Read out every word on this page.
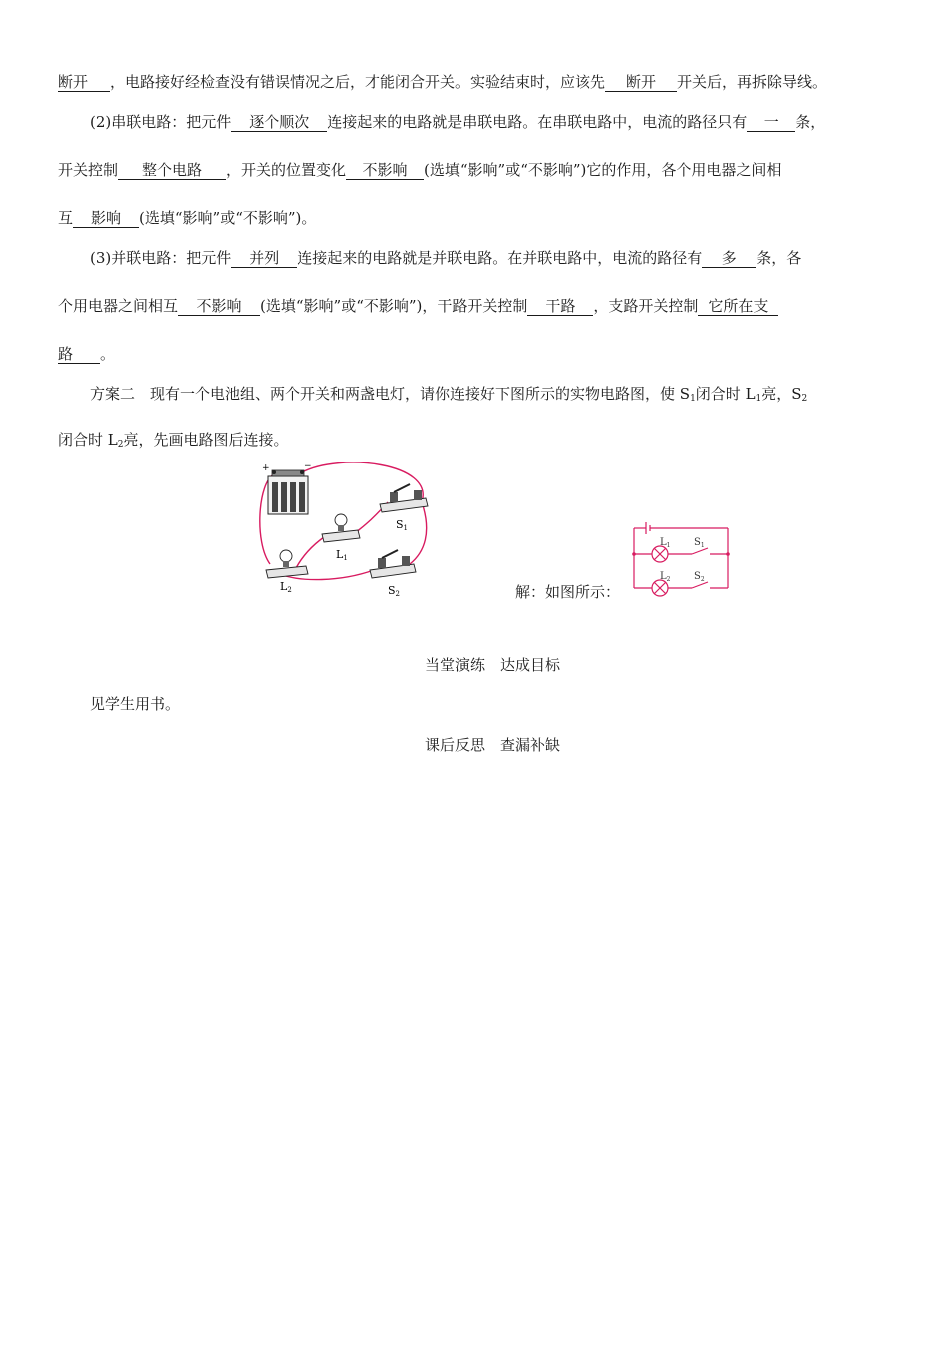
断开 ，电路接好经检查没有错误情况之后，才能闭合开关。实验结束时，应该先 断开 开关后，再拆除导线。
(2)串联电路：把元件 逐个顺次 连接起来的电路就是串联电路。在串联电路中，电流的路径只有 一 条，
开关控制 整个电路 ，开关的位置变化 不影响 (选填“影响”或“不影响”)它的作用，各个用电器之间相
互 影响 (选填“影响”或“不影响”)。
(3)并联电路：把元件 并列 连接起来的电路就是并联电路。在并联电路中，电流的路径有 多 条，各
个用电器之间相互 不影响 (选填“影响”或“不影响”)，干路开关控制 干路 ，支路开关控制 它所在支
路 。
方案二　现有一个电池组、两个开关和两盏电灯，请你连接好下图所示的实物电路图，使 $S_1$闭合时 $L_1$亮，$S_2$
闭合时 $L_2$亮，先画电路图后连接。
+	−
S1
L1
L2	S2	解：如图所示：
$L_1$ $S_1$
$L_2$ $S_2$
当堂演练　达成目标
见学生用书。
课后反思　查漏补缺
